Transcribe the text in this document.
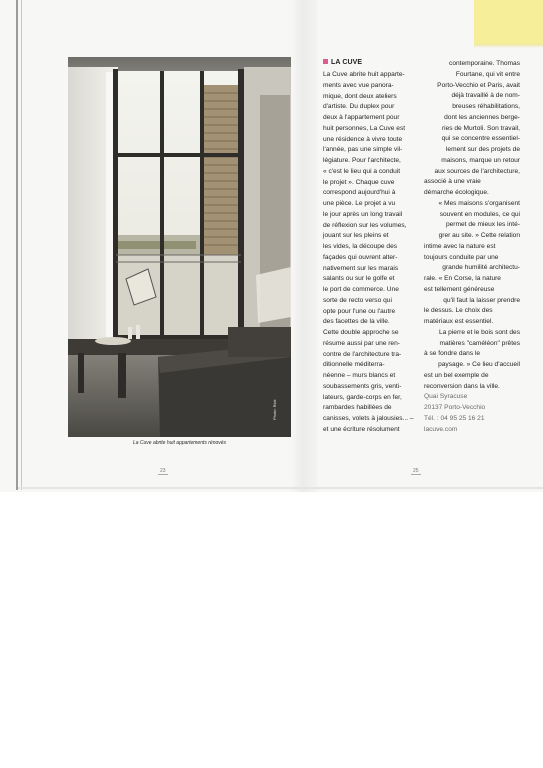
Photo: Rick
La Cuve abrite huit appartements rénovés
23	25
LA CUVE
La Cuve abrite huit apparte-
ments avec vue panora-
mique, dont deux ateliers
d'artiste. Du duplex pour
deux à l'appartement pour
huit personnes, La Cuve est
une résidence à vivre toute
l'année, pas une simple vil-
légiature. Pour l'architecte,
« c'est le lieu qui a conduit
le projet ». Chaque cuve
correspond aujourd'hui à
une pièce. Le projet a vu
le jour après un long travail
de réflexion sur les volumes,
jouant sur les pleins et
les vides, la découpe des
façades qui ouvrent alter-
nativement sur les marais
salants ou sur le golfe et
le port de commerce. Une
sorte de recto verso qui
opte pour l'une ou l'autre
des facettes de la ville.
Cette double approche se
résume aussi par une ren-
contre de l'architecture tra-
ditionnelle méditerra-
néenne – murs blancs et
soubassements gris, venti-
lateurs, garde-corps en fer,
rambardes habillées de
canisses, volets à jalousies... –
et une écriture résolument
contemporaine. Thomas
Fourtane, qui vit entre
Porto-Vecchio et Paris, avait
déjà travaillé à de nom-
breuses réhabilitations,
dont les anciennes berge-
ries de Murtoli. Son travail,
qui se concentre essentiel-
lement sur des projets de
maisons, marque un retour
aux sources de l'architecture,
associé à une vraie
démarche écologique.
« Mes maisons s'organisent
souvent en modules, ce qui
permet de mieux les inté-
grer au site. » Cette relation
intime avec la nature est
toujours conduite par une
grande humilité architectu-
rale. « En Corse, la nature
est tellement généreuse
qu'il faut la laisser prendre
le dessus. Le choix des
matériaux est essentiel.
La pierre et le bois sont des
matières "caméléon" prêtes
à se fondre dans le
paysage. » Ce lieu d'accueil
est un bel exemple de
reconversion dans la ville.
Quai Syracuse
20137 Porto-Vecchio
Tél. : 04 95 25 16 21
lacuve.com
